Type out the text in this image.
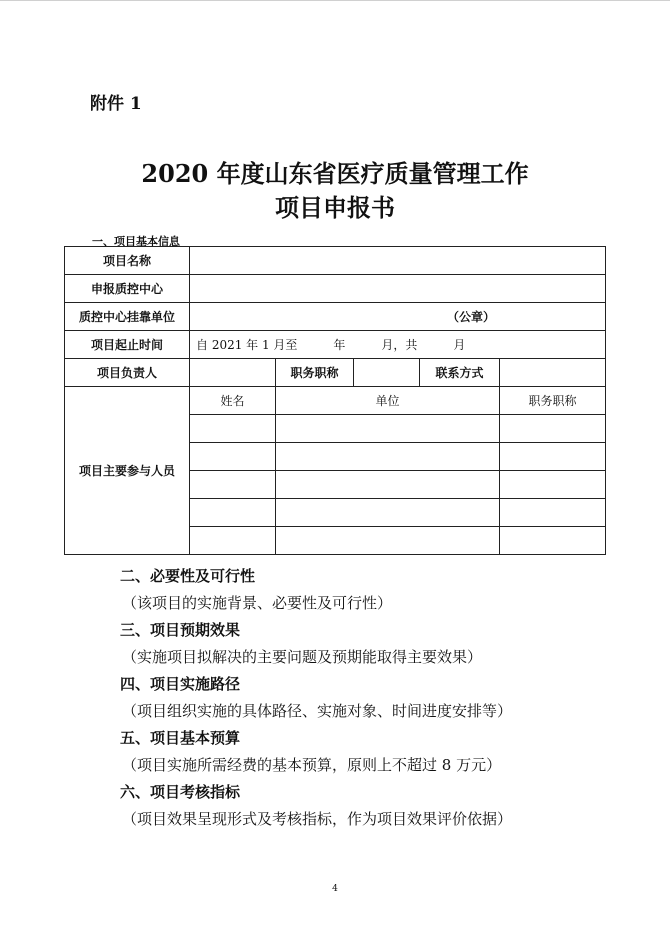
附件 1
2020 年度山东省医疗质量管理工作
项目申报书
一、项目基本信息
项目名称					
申报质控中心					
质控中心挂靠单位	（公章）				
项目起止时间	自 2021 年 1 月至　　　年　　　月，共　　　月				
项目负责人		职务职称		联系方式	
项目主要参与人员	姓名	单位			职务职称

二、必要性及可行性
（该项目的实施背景、必要性及可行性）
三、项目预期效果
（实施项目拟解决的主要问题及预期能取得主要效果）
四、项目实施路径
（项目组织实施的具体路径、实施对象、时间进度安排等）
五、项目基本预算
（项目实施所需经费的基本预算，原则上不超过 8 万元）
六、项目考核指标
（项目效果呈现形式及考核指标，作为项目效果评价依据）
4
